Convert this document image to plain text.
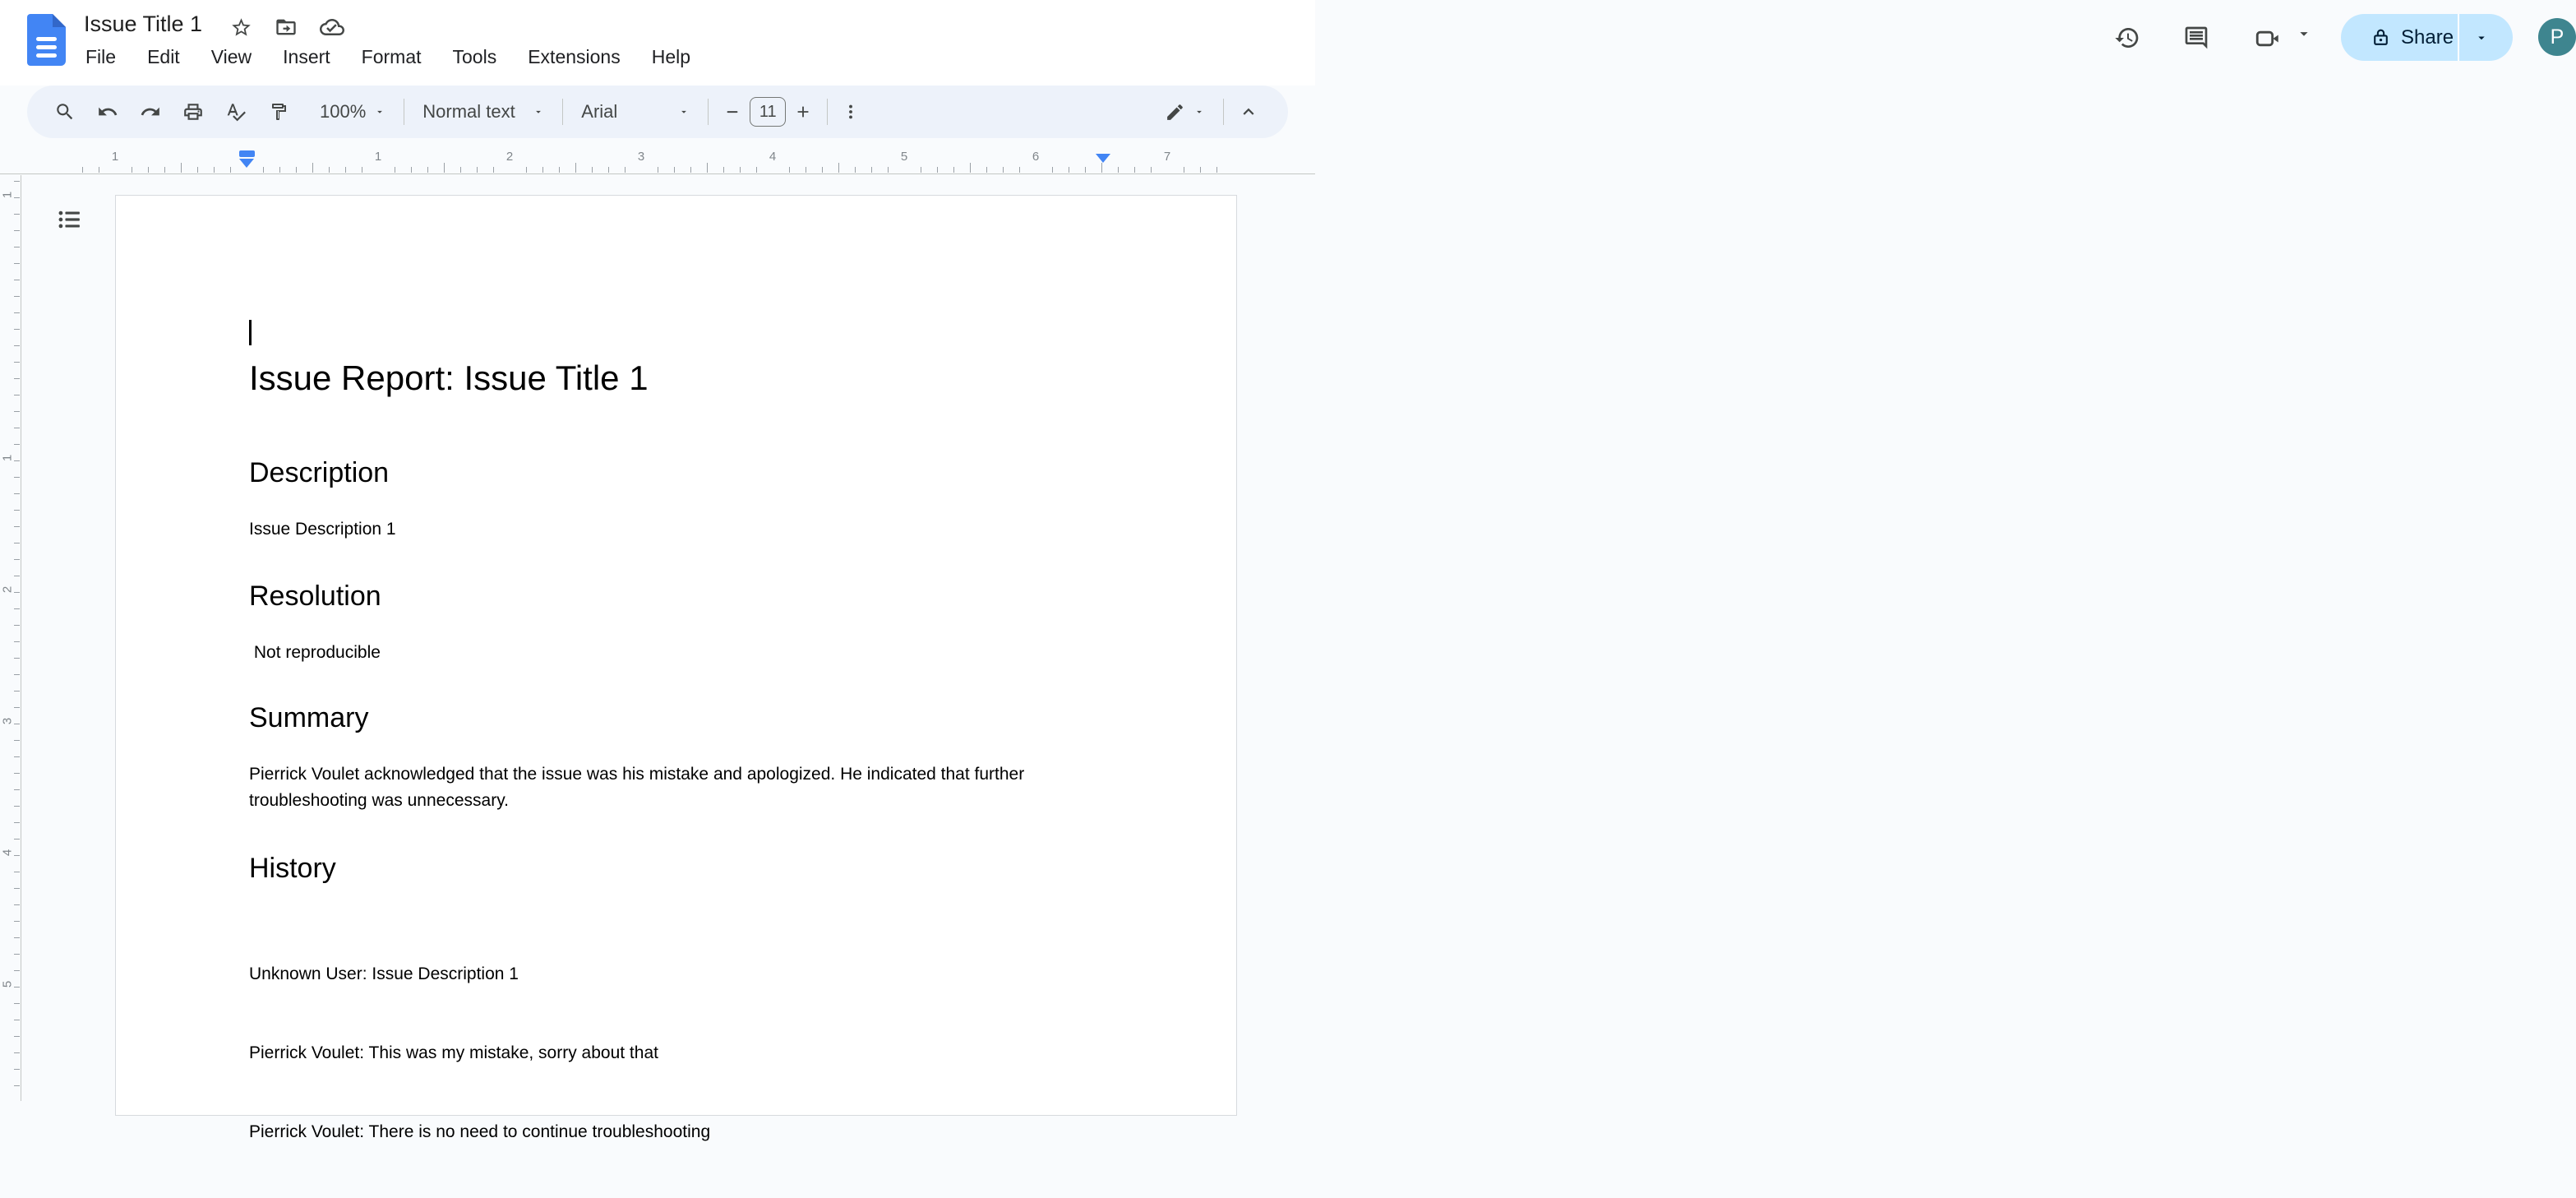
Issue Title 1
File Edit View Insert Format Tools Extensions Help
Share	P
100%	Normal text	Arial
11
1	1	2	3	4	5	6	7
1
1
2
3
4
5
Issue Report: Issue Title 1
Description
Issue Description 1
Resolution
Not reproducible
Summary
Pierrick Voulet acknowledged that the issue was his mistake and apologized. He indicated that further troubleshooting was unnecessary.
History

Unknown User: Issue Description 1

Pierrick Voulet: This was my mistake, sorry about that

Pierrick Voulet: There is no need to continue troubleshooting
